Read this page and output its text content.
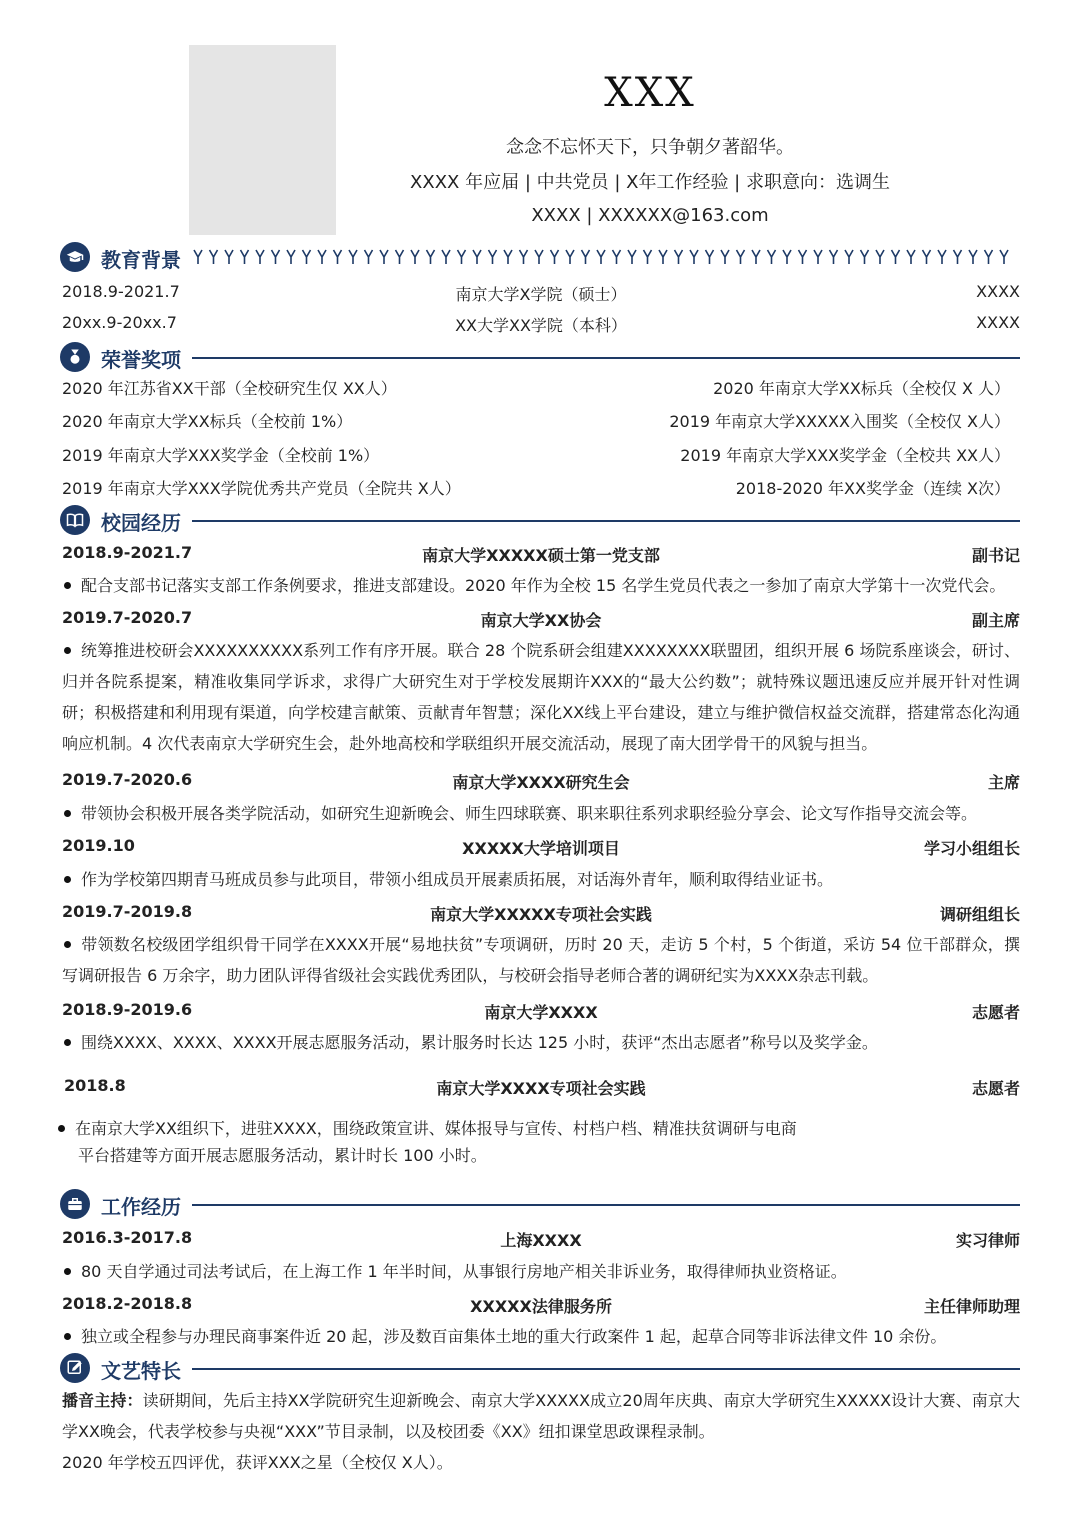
XXX
念念不忘怀天下，只争朝夕著韶华。
XXXX 年应届 | 中共党员 | X年工作经验 | 求职意向：选调生
XXXX | XXXXXX@163.com
教育背景
2018.9-2021.7	南京大学X学院（硕士）	XXXX
20xx.9-20xx.7	XX大学XX学院（本科）	XXXX
荣誉奖项
2020 年江苏省XX干部（全校研究生仅 XX人）	2020 年南京大学XX标兵（全校仅 X 人）
2020 年南京大学XX标兵（全校前 1%）	2019 年南京大学XXXXX入围奖（全校仅 X人）
2019 年南京大学XXX奖学金（全校前 1%）	2019 年南京大学XXX奖学金（全校共 XX人）
2019 年南京大学XXX学院优秀共产党员（全院共 X人）	2018-2020 年XX奖学金（连续 X次）
校园经历
2018.9-2021.7	南京大学XXXXX硕士第一党支部	副书记
配合支部书记落实支部工作条例要求，推进支部建设。2020 年作为全校 15 名学生党员代表之一参加了南京大学第十一次党代会。
2019.7-2020.7	南京大学XX协会	副主席
统筹推进校研会XXXXXXXXXX系列工作有序开展。联合 28 个院系研会组建XXXXXXXX联盟团，组织开展 6 场院系座谈会，研讨、归并各院系提案，精准收集同学诉求，求得广大研究生对于学校发展期许XXX的“最大公约数”；就特殊议题迅速反应并展开针对性调研；积极搭建和利用现有渠道，向学校建言献策、贡献青年智慧；深化XX线上平台建设，建立与维护微信权益交流群，搭建常态化沟通响应机制。4 次代表南京大学研究生会，赴外地高校和学联组织开展交流活动，展现了南大团学骨干的风貌与担当。
2019.7-2020.6	南京大学XXXX研究生会	主席
带领协会积极开展各类学院活动，如研究生迎新晚会、师生四球联赛、职来职往系列求职经验分享会、论文写作指导交流会等。
2019.10	XXXXX大学培训项目	学习小组组长
作为学校第四期青马班成员参与此项目，带领小组成员开展素质拓展，对话海外青年，顺利取得结业证书。
2019.7-2019.8	南京大学XXXXX专项社会实践	调研组组长
带领数名校级团学组织骨干同学在XXXX开展“易地扶贫”专项调研，历时 20 天，走访 5 个村，5 个街道，采访 54 位干部群众，撰写调研报告 6 万余字，助力团队评得省级社会实践优秀团队，与校研会指导老师合著的调研纪实为XXXX杂志刊载。
2018.9-2019.6	南京大学XXXX	志愿者
围绕XXXX、XXXX、XXXX开展志愿服务活动，累计服务时长达 125 小时，获评“杰出志愿者”称号以及奖学金。
2018.8	南京大学XXXX专项社会实践	志愿者
在南京大学XX组织下，进驻XXXX，围绕政策宣讲、媒体报导与宣传、村档户档、精准扶贫调研与电商
平台搭建等方面开展志愿服务活动，累计时长 100 小时。
工作经历
2016.3-2017.8	上海XXXX	实习律师
80 天自学通过司法考试后，在上海工作 1 年半时间，从事银行房地产相关非诉业务，取得律师执业资格证。
2018.2-2018.8	XXXXX法律服务所	主任律师助理
独立或全程参与办理民商事案件近 20 起，涉及数百亩集体土地的重大行政案件 1 起，起草合同等非诉法律文件 10 余份。
文艺特长
播音主持：读研期间，先后主持XX学院研究生迎新晚会、南京大学XXXXX成立20周年庆典、南京大学研究生XXXXX设计大赛、南京大学XX晚会，代表学校参与央视“XXX”节目录制，以及校团委《XX》纽扣课堂思政课程录制。
2020 年学校五四评优，获评XXX之星（全校仅 X人）。
